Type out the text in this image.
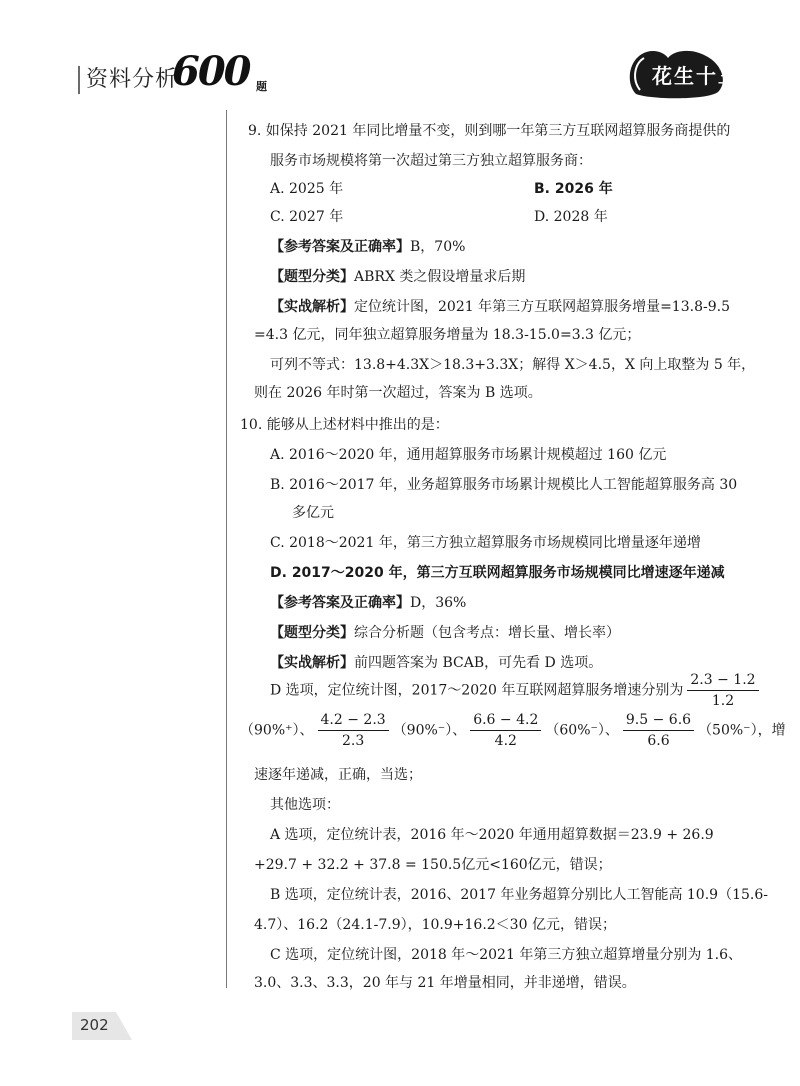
资料分析
600 题	花生十三
9. 如保持 2021 年同比增量不变，则到哪一年第三方互联网超算服务商提供的
服务市场规模将第一次超过第三方独立超算服务商：
A. 2025 年	B. 2026 年
C. 2027 年	D. 2028 年
【参考答案及正确率】B，70%
【题型分类】ABRX 类之假设增量求后期
【实战解析】定位统计图，2021 年第三方互联网超算服务增量=13.8-9.5
=4.3 亿元，同年独立超算服务增量为 18.3-15.0=3.3 亿元；
可列不等式：13.8+4.3X＞18.3+3.3X；解得 X＞4.5，X 向上取整为 5 年，
则在 2026 年时第一次超过，答案为 B 选项。
10. 能够从上述材料中推出的是：
A. 2016～2020 年，通用超算服务市场累计规模超过 160 亿元
B. 2016～2017 年，业务超算服务市场累计规模比人工智能超算服务高 30
多亿元
C. 2018～2021 年，第三方独立超算服务市场规模同比增量逐年递增
D. 2017～2020 年，第三方互联网超算服务市场规模同比增速逐年递减
【参考答案及正确率】D，36%
【题型分类】综合分析题（包含考点：增长量、增长率）
【实战解析】前四题答案为 BCAB，可先看 D 选项。
D 选项，定位统计图，2017～2020 年互联网超算服务增速分别为 $\frac{2.3 - 1.2}{1.2}$
（90%⁺）、 $\frac{4.2 - 2.3}{2.3} (90\%^-)$、 $\frac{6.6 - 4.2}{4.2} (60\%^-)$、 $\frac{9.5 - 6.6}{6.6} (50\%^-)$，增
速逐年递减，正确，当选；
其他选项：
A 选项，定位统计表，2016 年～2020 年通用超算数据＝23.9 + 26.9
+29.7 + 32.2 + 37.8 = 150.5亿元<160亿元，错误；
B 选项，定位统计表，2016、2017 年业务超算分别比人工智能高 10.9（15.6-
4.7）、16.2（24.1-7.9），10.9+16.2＜30 亿元，错误；
C 选项，定位统计图，2018 年～2021 年第三方独立超算增量分别为 1.6、
3.0、3.3、3.3，20 年与 21 年增量相同，并非递增，错误。
202
